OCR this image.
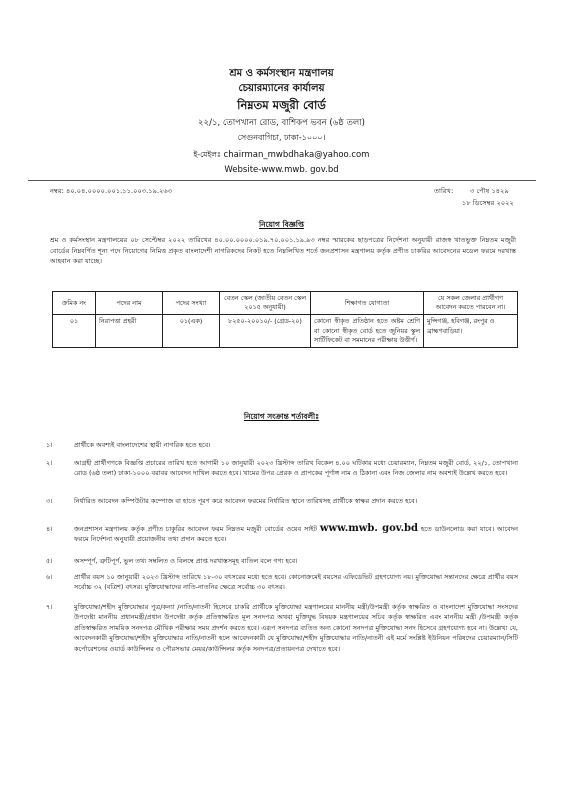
শ্রম ও কর্মসংস্থান মন্ত্রণালয়
চেয়ারম্যানের কার্যালয়
নিম্নতম মজুরী বোর্ড
২২/১, তোপখানা রোড, বাশিকপ ভবন (৬ষ্ঠ তলা)
সেগুনবাগিচা, ঢাকা-১০০০।
ই-মেইলঃ chairman_mwbdhaka@yahoo.com
Website-www.mwb. gov.bd
নম্বর: ৪০.০৪.০০০০.০০১.১১.০০৩.১৯.২৬৩	তারিখ:	৩ পৌষ ১৪২৯
১৮ ডিসেম্বর ২০২২
নিয়োগ বিজ্ঞপ্তি
শ্রম ও কর্মসংস্থান মন্ত্রণালয়ের ০৮ সেপ্টেম্বর ২০২২ তারিখের ৪০.০০.০০০০.০১৯.৭০.০০১.১৯.৯৩ নম্বর স্মারকের ছাড়পত্রের নির্দেশনা অনুযায়ী রাজস্ব খাতভুক্ত নিম্নতম মজুরী বোর্ডের নিম্নবর্ণিত শূন্য পদে নিয়োগের নিমিত্ত প্রকৃত বাংলাদেশী নাগরিকদের নিকট হতে নিম্নলিখিত শর্তে জনপ্রশাসন মন্ত্রণালয় কর্তৃক প্রণীত চাকরির আবেদনের মডেল ফরমে দরখাস্ত আহবান করা যাচ্ছে।
ক্রমিক নং	পদের নাম	পদের সংখ্যা	বেতন স্কেল (জাতীয় বেতন স্কেল ২০১৫ অনুযায়ী)	শিক্ষাগত যোগ্যতা	যে সকল জেলার প্রার্থীগণ আবেদন করতে পারবেন না।
০১	নিরাপত্তা প্রহরী	০১(এক)	৮২৫০-২০০১০/- (গ্রেড-২০)	কোনো স্বীকৃত প্রতিষ্ঠান হতে অষ্টম শ্রেণি বা কোনো স্বীকৃত বোর্ড হতে জুনিয়র স্কুল সার্টিফিকেট বা সমমানের পরীক্ষায় উত্তীর্ণ।	মুন্সিগঞ্জ, হবিগঞ্জ, রংপুর ও ব্রাহ্মণবাড়িয়া।
নিয়োগ সংক্রান্ত শর্তাবলীঃ
১।	প্রার্থীকে অবশ্যই বাংলাদেশের স্থায়ী নাগরিক হতে হবে।
২।	আগ্রহী প্রার্থীগণকে বিজ্ঞপ্তি প্রচারের তারিখ হতে আগামী ১০ জানুয়ারী ২০২৩ খ্রিস্টাব্দ তারিখ বিকেল ৪.০০ ঘটিকার মধ্যে চেয়ারম্যান, নিম্নতম মজুরী বোর্ড, ২২/১, তোপখানা রোড (৬ষ্ঠ তলা) ঢাকা-১০০০ বরাবর আবেদন দাখিল করতে হবে। খামের উপর প্রেরক ও প্রাপকের পূর্ণাঙ্গ নাম ও ঠিকানা এবং নিজ জেলার নাম অবশ্যই উল্লেখ করতে হবে।
৩।	নির্ধারিত আবেদন কম্পিউটার কম্পোজ বা হাতে পূরণ করে আবেদন ফরমের নির্ধারিত স্থানে তারিখসহ প্রার্থীকে স্বাক্ষর প্রদান করতে হবে।
৪।	জনপ্রশাসন মন্ত্রণালয় কর্তৃক প্রণীত চাকুরির আবেদন ফরম নিম্নতম মজুরী বোর্ডের ওয়েব সাইট www.mwb. gov.bd হতে ডাউনলোড করা যাবে। আবেদন ফরমে নির্দেশনা অনুযায়ী প্রয়োজনীয় তথ্য প্রদান করতে হবে।
৫।	অসম্পূর্ণ, ত্রুটিপূর্ণ, ভুল তথ্য সম্বলিত ও বিলম্বে প্রাপ্ত দরখাস্তসমূহ বাতিল বলে গণ্য হবে।
৬।	প্রার্থীর বয়স ১০ জানুয়ারী ২০২৩ খ্রিস্টাব্দ তারিখে ১৮-৩০ বৎসরের মধ্যে হতে হবে। কোনোক্রমেই বয়সের এফিডেভিট গ্রহণযোগ্য নয়। মুক্তিযোদ্ধা সন্তানদের ক্ষেত্রে প্রার্থীর বয়স সর্বোচ্চ ৩২ (বত্রিশ) বৎসর। মুক্তিযোদ্ধাদের নাতি-নাতনির ক্ষেত্রে সর্বোচ্চ ৩০ বৎসর।
৭।	মুক্তিযোদ্ধা/শহীদ মুক্তিযোদ্ধার পুত্র/কন্যা /নাতি/নাতনী হিসেবে চাকরি প্রার্থীকে মুক্তিযোদ্ধা মন্ত্রণালয়ের মাননীয় মন্ত্রী/উপমন্ত্রী কর্তৃক স্বাক্ষরিত ও বাংলাদেশ মুক্তিযোদ্ধা সংসদের উপদেষ্টা মাননীয় প্রধানমন্ত্রী/প্রধান উপদেষ্টা কর্তৃক প্রতিস্বাক্ষরিত মূল সনদপত্র অথবা মুক্তিযুদ্ধ বিষয়ক মন্ত্রণালয়ের সচিব কর্তৃক স্বাক্ষরিত এবং মাননীয় মন্ত্রী /উপমন্ত্রী কর্তৃক প্রতিস্বাক্ষরিত সাময়িক সনদপত্র মৌখিক পরীক্ষার সময় প্রদর্শন করতে হবে। এরূপ সনদপত্র ব্যতিত অন্য কোনো সনদপত্র মুক্তিযোদ্ধা সনদ হিসেবে গ্রহণযোগ্য হবে না। উল্লেখ্য যে, আবেদনকারী মুক্তিযোদ্ধা/শহীদ মুক্তিযোদ্ধার নাতি/নাতনী হলে আবেদনকারী যে মুক্তিযোদ্ধা/শহীদ মুক্তিযোদ্ধার নাতি/নাতনী এই মর্মে সংশ্লিষ্ট ইউনিয়ন পরিষদের চেয়ারম্যান/সিটি কর্পোরেশনের ওয়ার্ড কাউন্সিলর ও পৌরসভার মেয়র/কাউন্সিলর কর্তৃক সনদপত্র/প্রত্যয়নপত্র দেখাতে হবে।
